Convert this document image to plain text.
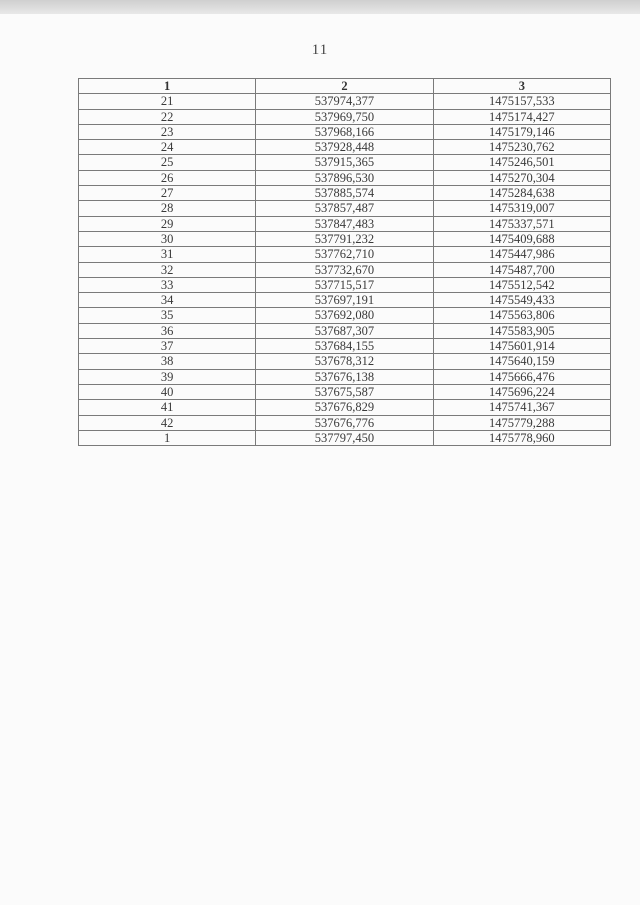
11
1	2	3
21	537974,377	1475157,533
22	537969,750	1475174,427
23	537968,166	1475179,146
24	537928,448	1475230,762
25	537915,365	1475246,501
26	537896,530	1475270,304
27	537885,574	1475284,638
28	537857,487	1475319,007
29	537847,483	1475337,571
30	537791,232	1475409,688
31	537762,710	1475447,986
32	537732,670	1475487,700
33	537715,517	1475512,542
34	537697,191	1475549,433
35	537692,080	1475563,806
36	537687,307	1475583,905
37	537684,155	1475601,914
38	537678,312	1475640,159
39	537676,138	1475666,476
40	537675,587	1475696,224
41	537676,829	1475741,367
42	537676,776	1475779,288
1	537797,450	1475778,960
